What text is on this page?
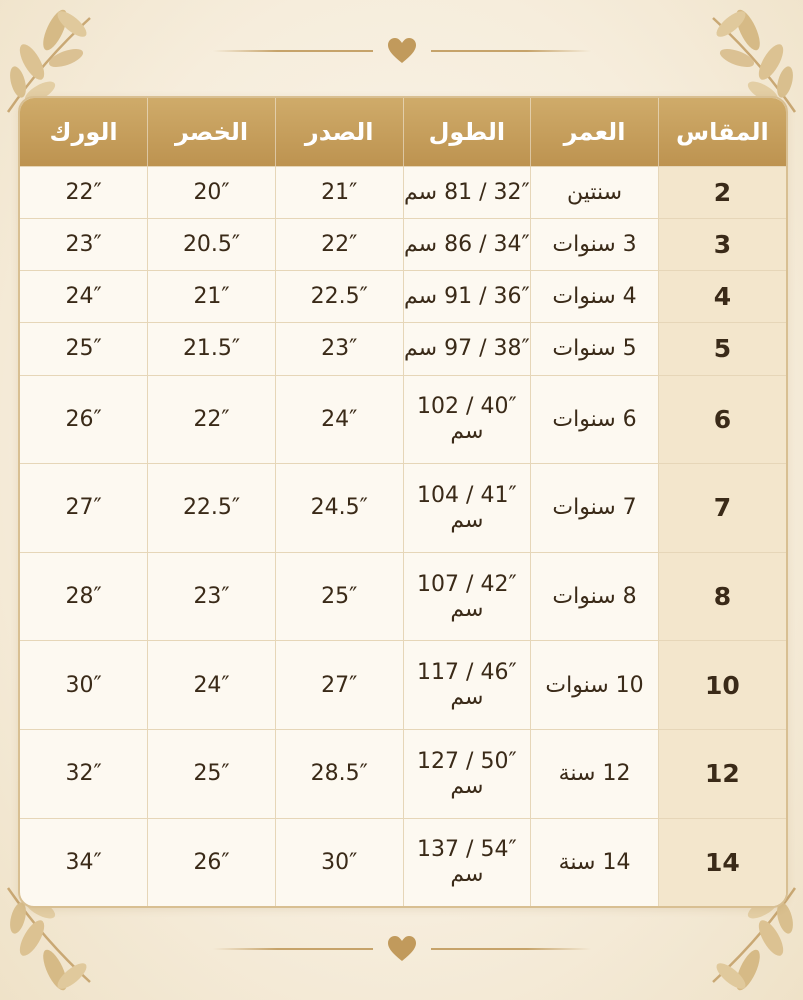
المقاس	العمر	الطول	الصدر	الخصر	الورك
2	سنتين	32″ / 81 سم	21″	20″	22″
3	3 سنوات	34″ / 86 سم	22″	20.5″	23″
4	4 سنوات	36″ / 91 سم	22.5″	21″	24″
5	5 سنوات	38″ / 97 سم	23″	21.5″	25″
6	6 سنوات	40″ / 102 سم	24″	22″	26″
7	7 سنوات	41″ / 104 سم	24.5″	22.5″	27″
8	8 سنوات	42″ / 107 سم	25″	23″	28″
10	10 سنوات	46″ / 117 سم	27″	24″	30″
12	12 سنة	50″ / 127 سم	28.5″	25″	32″
14	14 سنة	54″ / 137 سم	30″	26″	34″
